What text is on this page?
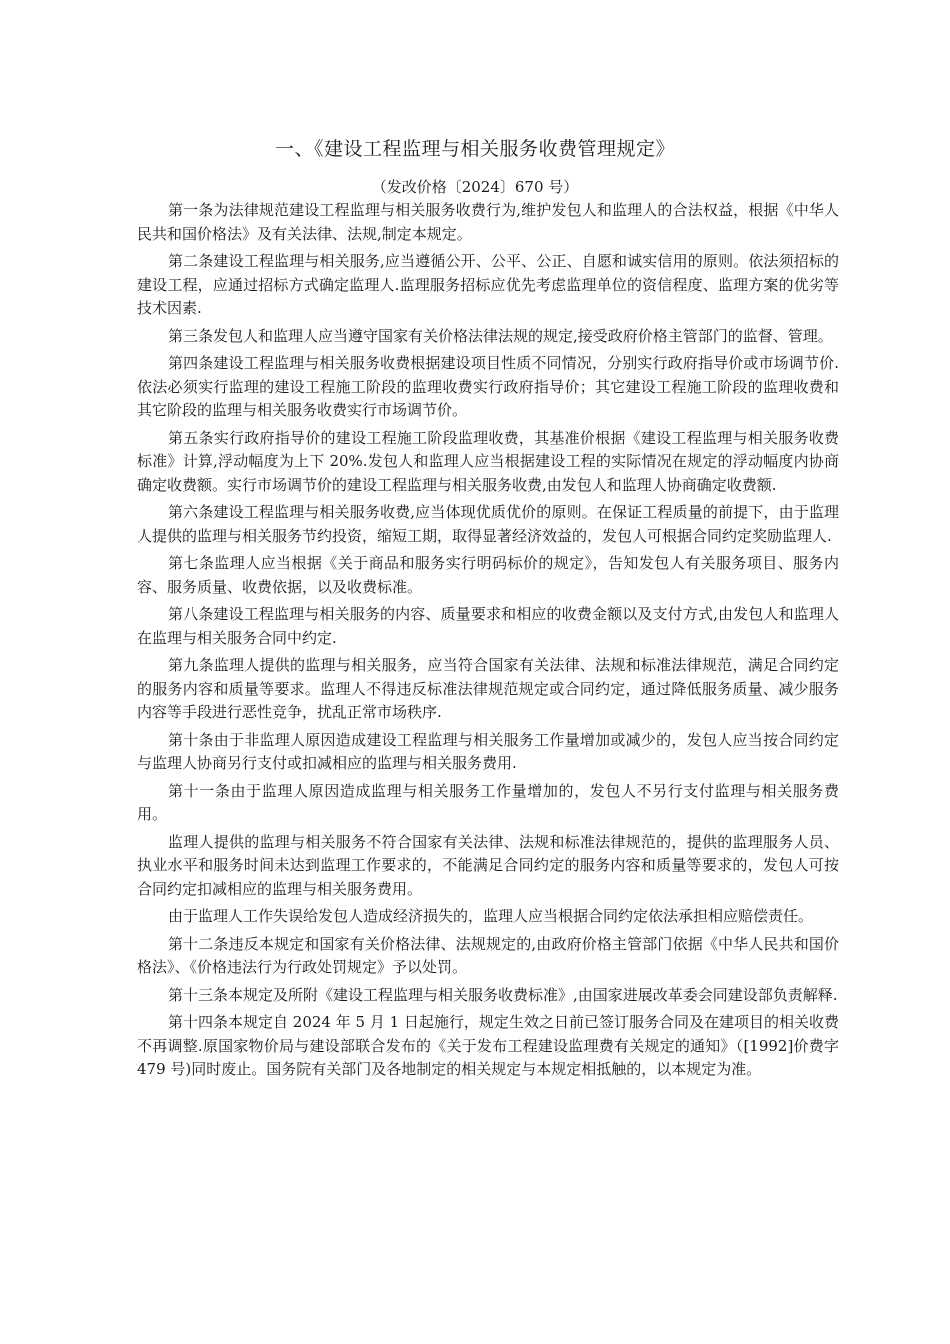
一、《建设工程监理与相关服务收费管理规定》
（发改价格〔2024〕670 号）

第一条为法律规范建设工程监理与相关服务收费行为,维护发包人和监理人的合法权益，根据《中华人民共和国价格法》及有关法律、法规,制定本规定。

第二条建设工程监理与相关服务,应当遵循公开、公平、公正、自愿和诚实信用的原则。依法须招标的建设工程，应通过招标方式确定监理人.监理服务招标应优先考虑监理单位的资信程度、监理方案的优劣等技术因素.

第三条发包人和监理人应当遵守国家有关价格法律法规的规定,接受政府价格主管部门的监督、管理。

第四条建设工程监理与相关服务收费根据建设项目性质不同情况，分别实行政府指导价或市场调节价.依法必须实行监理的建设工程施工阶段的监理收费实行政府指导价；其它建设工程施工阶段的监理收费和其它阶段的监理与相关服务收费实行市场调节价。

第五条实行政府指导价的建设工程施工阶段监理收费，其基准价根据《建设工程监理与相关服务收费标准》计算,浮动幅度为上下 20%.发包人和监理人应当根据建设工程的实际情况在规定的浮动幅度内协商确定收费额。实行市场调节价的建设工程监理与相关服务收费,由发包人和监理人协商确定收费额.

第六条建设工程监理与相关服务收费,应当体现优质优价的原则。在保证工程质量的前提下，由于监理人提供的监理与相关服务节约投资，缩短工期，取得显著经济效益的，发包人可根据合同约定奖励监理人.

第七条监理人应当根据《关于商品和服务实行明码标价的规定》，告知发包人有关服务项目、服务内容、服务质量、收费依据，以及收费标准。

第八条建设工程监理与相关服务的内容、质量要求和相应的收费金额以及支付方式,由发包人和监理人在监理与相关服务合同中约定.

第九条监理人提供的监理与相关服务，应当符合国家有关法律、法规和标准法律规范，满足合同约定的服务内容和质量等要求。监理人不得违反标准法律规范规定或合同约定，通过降低服务质量、减少服务内容等手段进行恶性竞争，扰乱正常市场秩序.

第十条由于非监理人原因造成建设工程监理与相关服务工作量增加或减少的，发包人应当按合同约定与监理人协商另行支付或扣减相应的监理与相关服务费用.

第十一条由于监理人原因造成监理与相关服务工作量增加的，发包人不另行支付监理与相关服务费用。

监理人提供的监理与相关服务不符合国家有关法律、法规和标准法律规范的，提供的监理服务人员、执业水平和服务时间未达到监理工作要求的，不能满足合同约定的服务内容和质量等要求的，发包人可按合同约定扣减相应的监理与相关服务费用。

由于监理人工作失误给发包人造成经济损失的，监理人应当根据合同约定依法承担相应赔偿责任。

第十二条违反本规定和国家有关价格法律、法规规定的,由政府价格主管部门依据《中华人民共和国价格法》、《价格违法行为行政处罚规定》予以处罚。

第十三条本规定及所附《建设工程监理与相关服务收费标准》,由国家进展改革委会同建设部负责解释.

第十四条本规定自 2024 年 5 月 1 日起施行，规定生效之日前已签订服务合同及在建项目的相关收费不再调整.原国家物价局与建设部联合发布的《关于发布工程建设监理费有关规定的通知》（[1992]价费字 479 号)同时废止。国务院有关部门及各地制定的相关规定与本规定相抵触的，以本规定为准。
